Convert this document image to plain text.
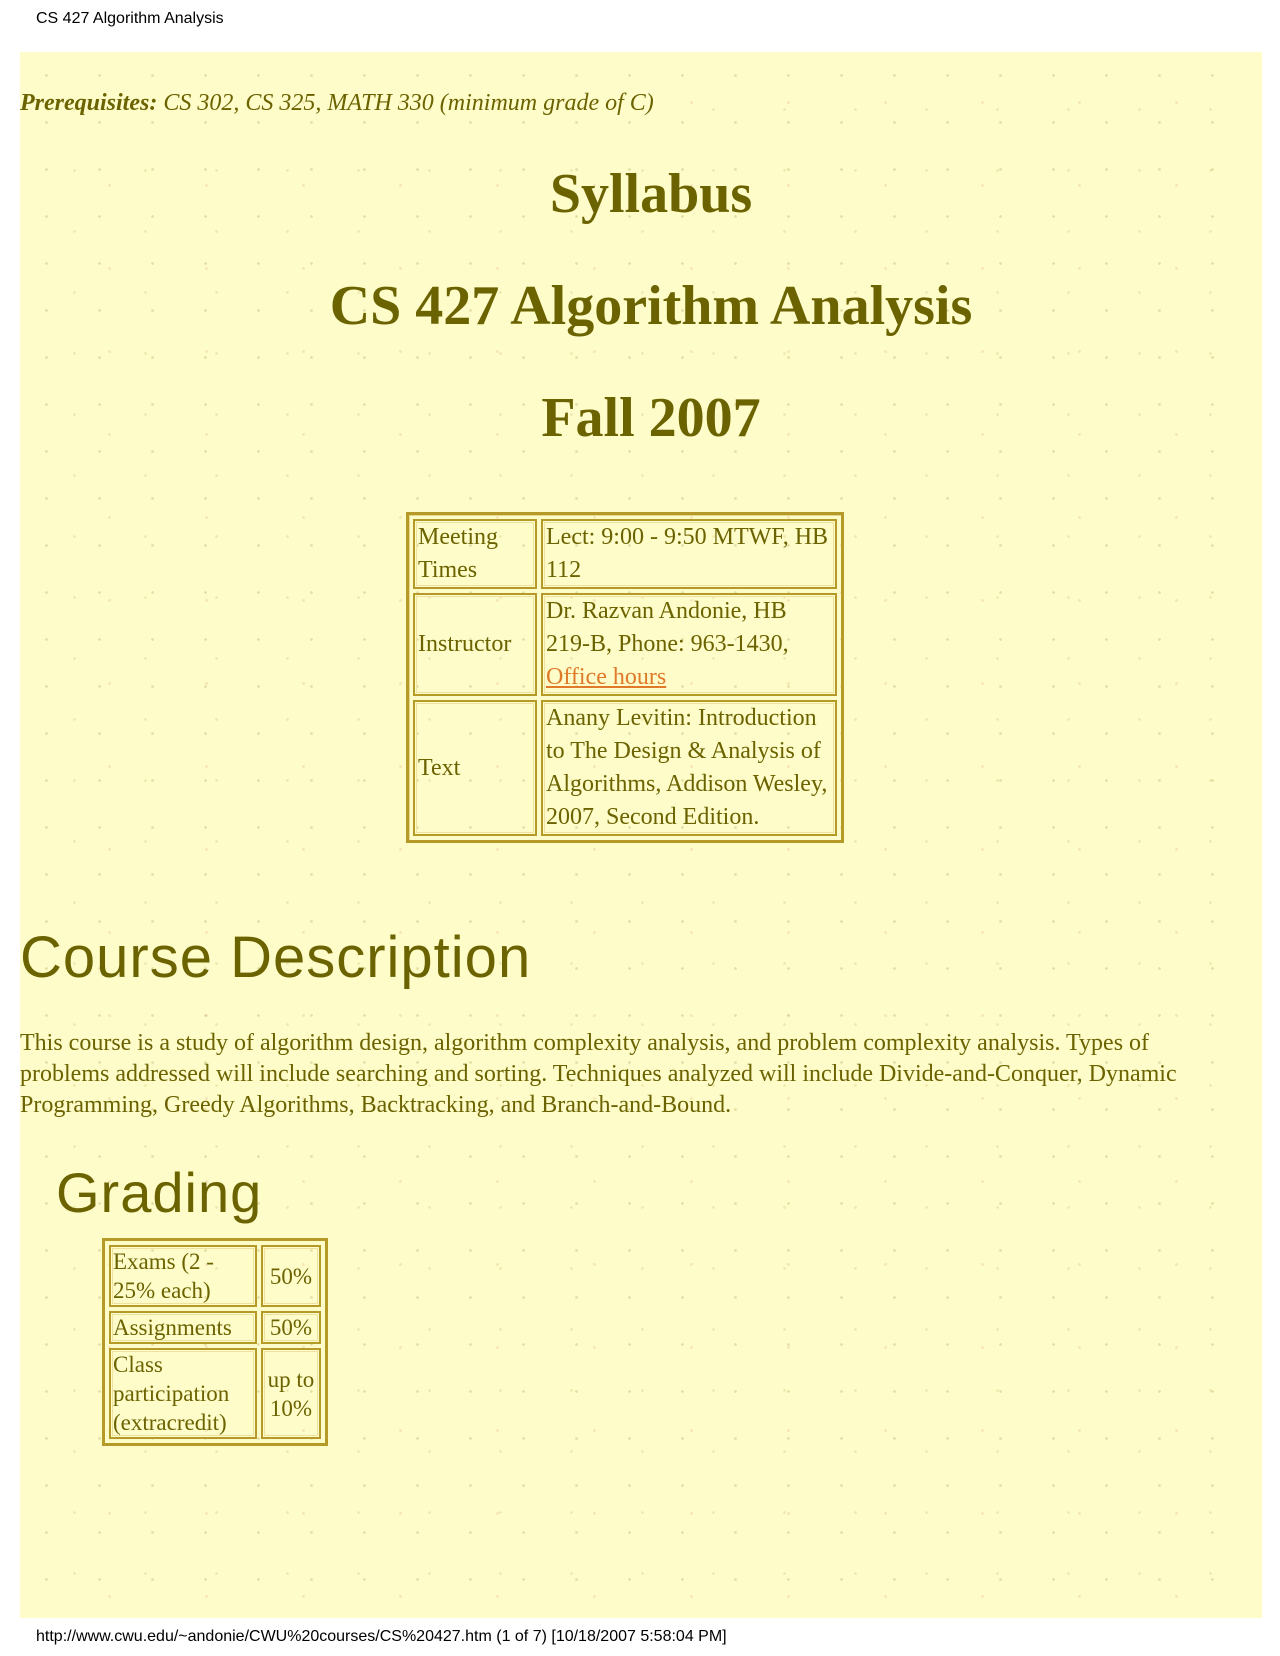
CS 427 Algorithm Analysis

Prerequisites: CS 302, CS 325, MATH 330 (minimum grade of C)

Syllabus
CS 427 Algorithm Analysis
Fall 2007
Meeting Times	Lect: 9:00 - 9:50 MTWF, HB 112
Instructor	Dr. Razvan Andonie, HB 219-B, Phone: 963-1430,
Office hours
Text	Anany Levitin: Introduction to The Design & Analysis of Algorithms, Addison Wesley, 2007, Second Edition.
Course Description

This course is a study of algorithm design, algorithm complexity analysis, and problem complexity analysis. Types of problems addressed will include searching and sorting. Techniques analyzed will include Divide-and-Conquer, Dynamic Programming, Greedy Algorithms, Backtracking, and Branch-and-Bound.

Grading
Exams (2 - 25% each)	50%
Assignments	50%
Class participation (extracredit)	up to 10%
http://www.cwu.edu/~andonie/CWU%20courses/CS%20427.htm (1 of 7) [10/18/2007 5:58:04 PM]
